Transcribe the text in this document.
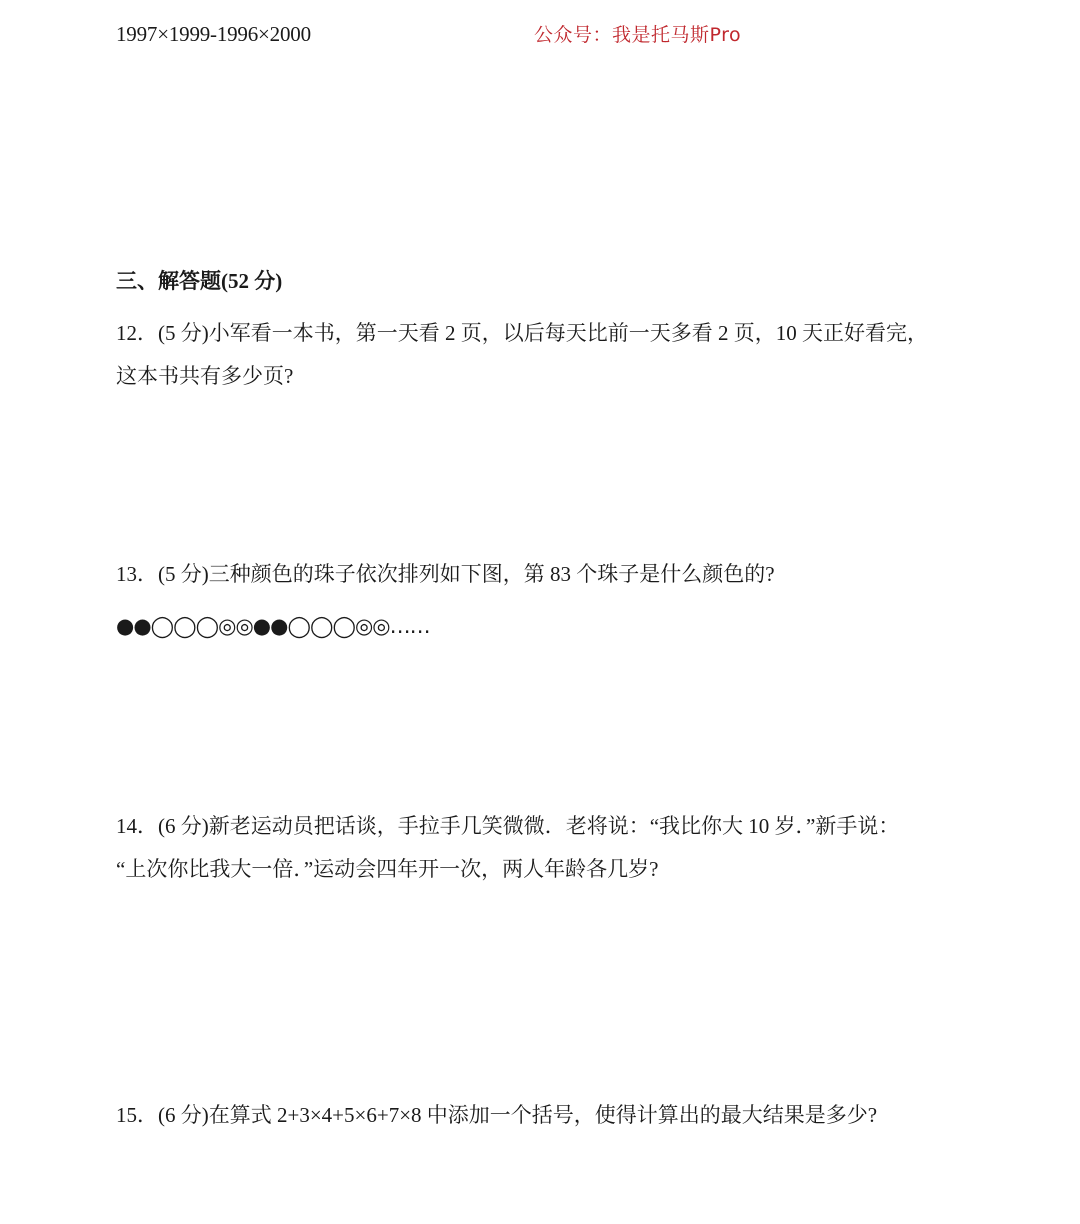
1997×1999-1996×2000	公众号：我是托马斯Pro
三、解答题(52 分)

12．(5 分)小军看一本书，第一天看 2 页，以后每天比前一天多看 2 页，10 天正好看完，

这本书共有多少页?

13．(5 分)三种颜色的珠子依次排列如下图，第 83 个珠子是什么颜色的?

●●◯◯◯◎◎●●◯◯◯◎◎……

14．(6 分)新老运动员把话谈，手拉手几笑微微．老将说：“我比你大 10 岁．”新手说：

“上次你比我大一倍．”运动会四年开一次，两人年龄各几岁?

15．(6 分)在算式 2+3×4+5×6+7×8 中添加一个括号，使得计算出的最大结果是多少?
